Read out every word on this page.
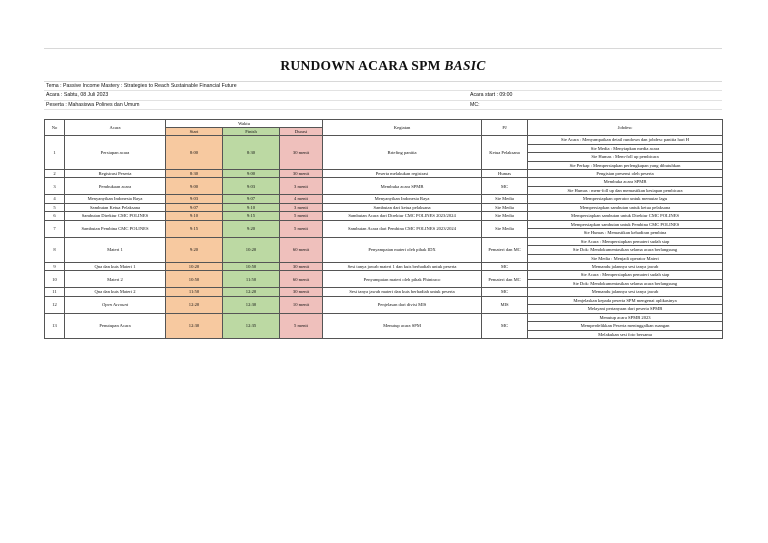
RUNDOWN ACARA SPM BASIC
Tema : Passive Income Mastery : Strategies to Reach Sustainable Financial Future
Acara : Sabtu, 08 Juli 2023	Acara start : 09:00
Peserta : Mahasiswa Polines dan Umum	MC:
No	Acara	Waktu			Kegiatan	PJ	Jobdesc
		Start	Finish	Durasi			
1	Persiapan acara	8:00	8:30	30 menit	Briefing panitia	Ketua Pelaksana	Sie Acara : Menyampaikan detail rundown dan jobdesc panitia hari H
							Sie Media : Menyiapkan media acara
							Sie Humas : Mem-foll up pembicara
							Sie Perkap : Mempersiapkan perlengkapan yang dibutuhkan
2	Registrasi Peserta	8:30	9:00	30 menit	Peserta melakukan registrasi	Humas	Pengisian presensi oleh peserta
3	Pembukaan acara	9:00	9:03	3 menit	Membuka acara SPMB	MC	Membuka acara SPMB
							Sie Humas : mem-foll up dan memastikan kesiapan pembicara
4	Menyanyikan Indonesia Raya	9:03	9:07	4 menit	Menyanyikan Indonesia Raya	Sie Media	Mempersiapkan operator untuk memutar lagu
5	Sambutan Ketua Pelaksana	9:07	9:10	3 menit	Sambutan dari ketua pelaksana	Sie Media	Mempersiapkan sambutan untuk ketua pelaksana
6	Sambutan Direktur CMC POLINES	9:10	9:15	5 menit	Sambutan Acara dari Direktur CMC POLINES 2023/2024	Sie Media	Mempersiapkan sambutan untuk Direktur CMC POLINES
7	Sambutan Pembina CMC POLINES	9:15	9:20	5 menit	Sambutan Acara dari Pembina CMC POLINES 2023/2024	Sie Media	Mempersiapkan sambutan untuk Pembina CMC POLINES
							Sie Humas : Memastikan kehadiran pembina
8	Materi 1	9:20	10:20	60 menit	Penyampaian materi oleh pihak IDX	Pemateri dan MC	Sie Acara : Mempersiapkan pemateri sudah siap
							Sie Dok: Mendokumentasikan selama acara berlangsung
							Sie Media : Menjadi operator Materi
9	Qna dan kuis Materi 1	10:20	10:50	30 menit	Sesi tanya jawab materi 1 dan kuis berhadiah untuk peserta	MC	Memandu jalannya sesi tanya jawab
10	Materi 2	10:50	11:50	60 menit	Penyampaian materi oleh pihak Phintraco	Pemateri dan MC	Sie Acara : Mempersiapkan pemateri sudah siap
							Sie Dok: Mendokumentasikan selama acara berlangsung
11	Qna dan kuis Materi 2	11:50	12:20	30 menit	Sesi tanya jawab materi dan kuis berhadiah untuk peserta	MC	Memandu jalannya sesi tanya jawab
12	Open Account	12:20	12:30	10 menit	Penjelasan dari divisi MIS	MIS	Menjelaskan kepada peserta SPM mengenai aplikasinya
							Melayani pertanyaan dari peserta SPMB
13	Penutupan Acara	12:30	12:35	5 menit	Menutup acara SPM	MC	Menutup acara SPMB 2023
							Memperdelikkan Peserta meninggalkan ruangan
							Melakukan sesi foto bersama
